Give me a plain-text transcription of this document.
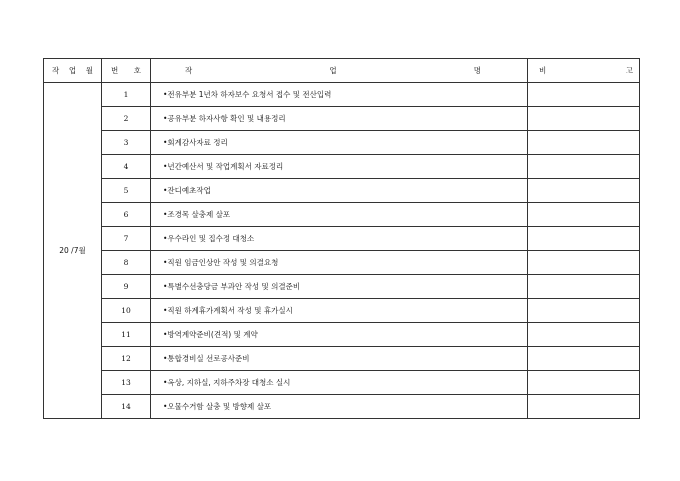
작 업 월	번 호	작 업 명	비 고

20 /7월	1	•전유부분 1년차 하자보수 요청서 접수 및 전산입력	

	2	•공유부분 하자사항 확인 및 내용정리	

	3	•회계감사자료 정리	

	4	•년간예산서 및 작업계획서 자료정리	

	5	•잔디예초작업	

	6	•조경목 살충제 살포	

	7	•우수라인 및 집수정 대청소	

	8	•직원 임금인상안 작성 및 의결요청	

	9	•특별수선충당금 부과안 작성 및 의결준비	

	10	•직원 하계휴가계획서 작성 및 휴가실시	

	11	•방역계약준비(견적) 및 계약	

	12	•통합경비실 선로공사준비	

	13	•옥상, 지하실, 지하주차장 대청소 실시	

	14	•오물수거함 살충 및 방향제 살포	
